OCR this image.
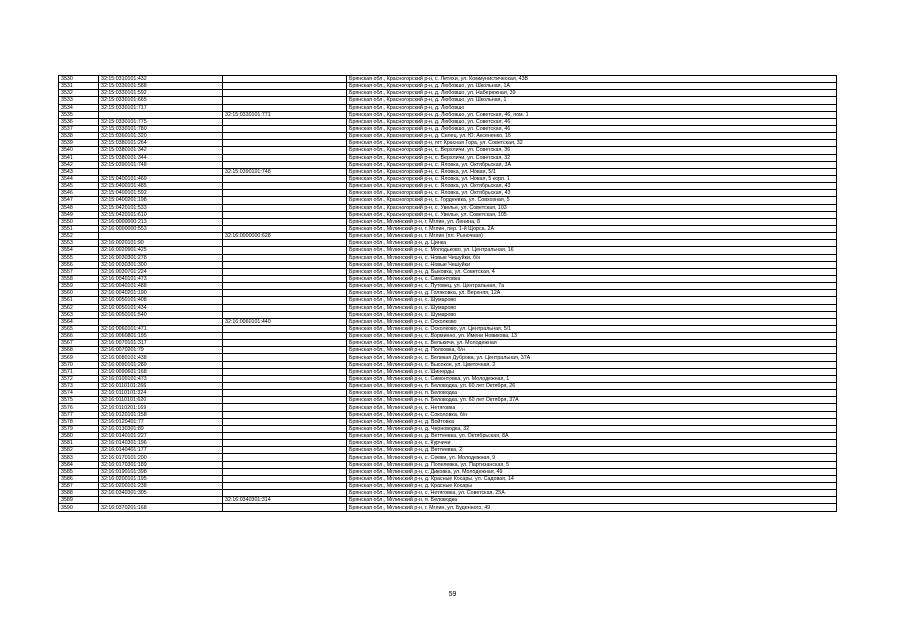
3530	32:15:0310101:432		Брянская обл., Красногорский р-н, с. Летяхи, ул. Коммунистическая, 43В
3531	32:15:0330101:588		Брянская обл., Красногорский р-н, д. Любовшо, ул. Школьная, 1А
3532	32:15:0330101:592		Брянская обл., Красногорский р-н, д. Любовшо, ул. Набережная, 39
3533	32:15:0330101:665		Брянская обл., Красногорский р-н, д. Любовшо, ул. Школьная, 1
3534	32:15:0330101:717		Брянская обл., Красногорский р-н, д. Любовшо
3535		32:15:0330101:771	Брянская обл., Красногорский р-н, д. Любовшо, ул. Советская, 46, пом. 1
3536	32:15:0330101:775		Брянская обл., Красногорский р-н, д. Любовшо, ул. Советская, 46
3537	32:15:0330101:780		Брянская обл., Красногорский р-н, д. Любовшо, ул. Советская, 46
3538	32:15:0360101:320		Брянская обл., Красногорский р-н, д. Селец, ул. Ю. Аксененко, 16
3539	32:15:0380101:264		Брянская обл., Красногорский р-н, пгт Красная Гора, ул. Советская, 32
3540	32:15:0380101:342		Брянская обл., Красногорский р-н, с. Верхличи, ул. Советская, 36
3541	32:15:0380101:344		Брянская обл., Красногорский р-н, с. Верхличи, ул. Советская, 32
3542	32:15:0390101:748		Брянская обл., Красногорский р-н, с. Яловка, ул. Октябрьская, 3А
3543		32:15:0390101:748	Брянская обл., Красногорский р-н, с. Яловка, ул. Новая, 5/1
3544	32:15:0400101:469		Брянская обл., Красногорский р-н, с. Яловка, ул. Новая, 5 корп. 1
3545	32:15:0400101:485		Брянская обл., Красногорский р-н, с. Яловка, ул. Октябрьская, 43
3546	32:15:0400101:592		Брянская обл., Красногорский р-н, с. Яловка, ул. Октябрьская, 43
3547	32:15:0400201:198		Брянская обл., Красногорский р-н, с. Гордеевка, ул. Совхозная, 5
3548	32:15:0420101:533		Брянская обл., Красногорский р-н, с. Увелье, ул. Советская, 103
3549	32:15:0420101:610		Брянская обл., Красногорский р-н, с. Увелье, ул. Советская, 105
3550	32:16:0000000:213		Брянская обл., Мглинский р-н, г. Мглин, ул. Ленина, 8
3551	32:16:0000000:553		Брянская обл., Мглинский р-н, г. Мглин, пер. 1-й Щорса, 2А
3552		32:16:0000000:628	Брянская обл., Мглинский р-н, г. Мглин (пл. Рыночная)
3553	32:16:0020101:90		Брянская обл., Мглинский р-н, д. Цинка
3554	32:16:0020901:425		Брянская обл., Мглинский р-н, с. Молодьково, ул. Центральная, 16
3555	32:16:0030301:278		Брянская обл., Мглинский р-н, с. Новые Чешуйки, б/н
3556	32:16:0030301:300		Брянская обл., Мглинский р-н, с. Новые Чешуйки
3557	32:16:0030701:224		Брянская обл., Мглинский р-н, д. Быковка, ул. Советская, 4
3558	32:16:0040101:473		Брянская обл., Мглинский р-н, с. Симонтовка
3559	32:16:0040101:488		Брянская обл., Мглинский р-н, с. Путовец, ул. Центральная, 7а
3560	32:16:0040201:190		Брянская обл., Мглинский р-н, д. Голяковка, ул. Верхняя, 12А
3561	32:16:0050101:408		Брянская обл., Мглинский р-н, с. Шумарово
3562	32:16:0050101:434		Брянская обл., Мглинский р-н, с. Шумарово
3563	32:16:0050101:540		Брянская обл., Мглинский р-н, с. Шумарово
3564		32:16:0060101:440	Брянская обл., Мглинский р-н, с. Осколково
3565	32:16:0060101:471		Брянская обл., Мглинский р-н, с. Осколково, ул. Центральная, 5/1
3566	32:16:0060801:195		Брянская обл., Мглинский р-н, с. Ворминно, ул. Имени Новикова, 13
3567	32:16:0070101:317		Брянская обл., Мглинский р-н, с. Велькичи, ул. Молодежная
3568	32:16:0070201:79		Брянская обл., Мглинский р-н, д. Полховка, б/н
3569	32:16:0080101:438		Брянская обл., Мглинский р-н, с. Великая Дуброва, ул. Центральная, 37А
3570	32:16:0090101:289		Брянская обл., Мглинский р-н, с. Высокое, ул. Цветочная, 2
3571	32:16:0090601:168		Брянская обл., Мглинский р-н, с. Шинерды
3572	32:16:0100101:473		Брянская обл., Мглинский р-н, с. Симонтовка, ул. Молодежная, 1
3573	32:16:0110101:266		Брянская обл., Мглинский р-н, п. Беловодка, ул. 60 лет Октября, 26
3574	32:16:0110101:324		Брянская обл., Мглинский р-н, п. Беловодка
3575	32:16:0110101:620		Брянская обл., Мглинский р-н, п. Беловодка, ул. 60 лет Октября, 37А
3576	32:16:0110201:169		Брянская обл., Мглинский р-н, с. Нетяговка
3577	32:16:0120101:158		Брянская обл., Мглинский р-н, с. Соколовка, б/н
3578	32:16:0120401:77		Брянская обл., Мглинский р-н, д. Войтовка
3579	32:16:0130301:89		Брянская обл., Мглинский р-н, д. Черноводка, 32
3580	32:16:0140101:227		Брянская обл., Мглинский р-н, д. Веттеевка, ул. Октябрьская, 8А
3581	32:16:0140301:196		Брянская обл., Мглинский р-н, с. Курчичи
3582	32:16:0140401:177		Брянская обл., Мглинский р-н, д. Веттеевка, 2
3583	32:16:0170101:200		Брянская обл., Мглинский р-н, с. Семки, ул. Молодежная, 9
3584	32:16:0170301:189		Брянская обл., Мглинский р-н, д. Попелевка, ул. Партизанская, 5
3585	32:16:0190101:398		Брянская обл., Мглинский р-н, с. Диковка, ул. Молодежная, 49
3586	32:16:0200101:195		Брянская обл., Мглинский р-н, д. Красные Косары, ул. Садовая, 14
3587	32:16:0200101:238		Брянская обл., Мглинский р-н, д. Красные Косары
3588	32:16:0340301:305		Брянская обл., Мглинский р-н, с. Нетяговка, ул. Советская, 25А
3589		32:16:0340301:314	Брянская обл., Мглинский р-н, п. Беловодка
3590	32:16:0370201:168		Брянская обл., Мглинский р-н, г. Мглин, ул. Буденного, 49
59
